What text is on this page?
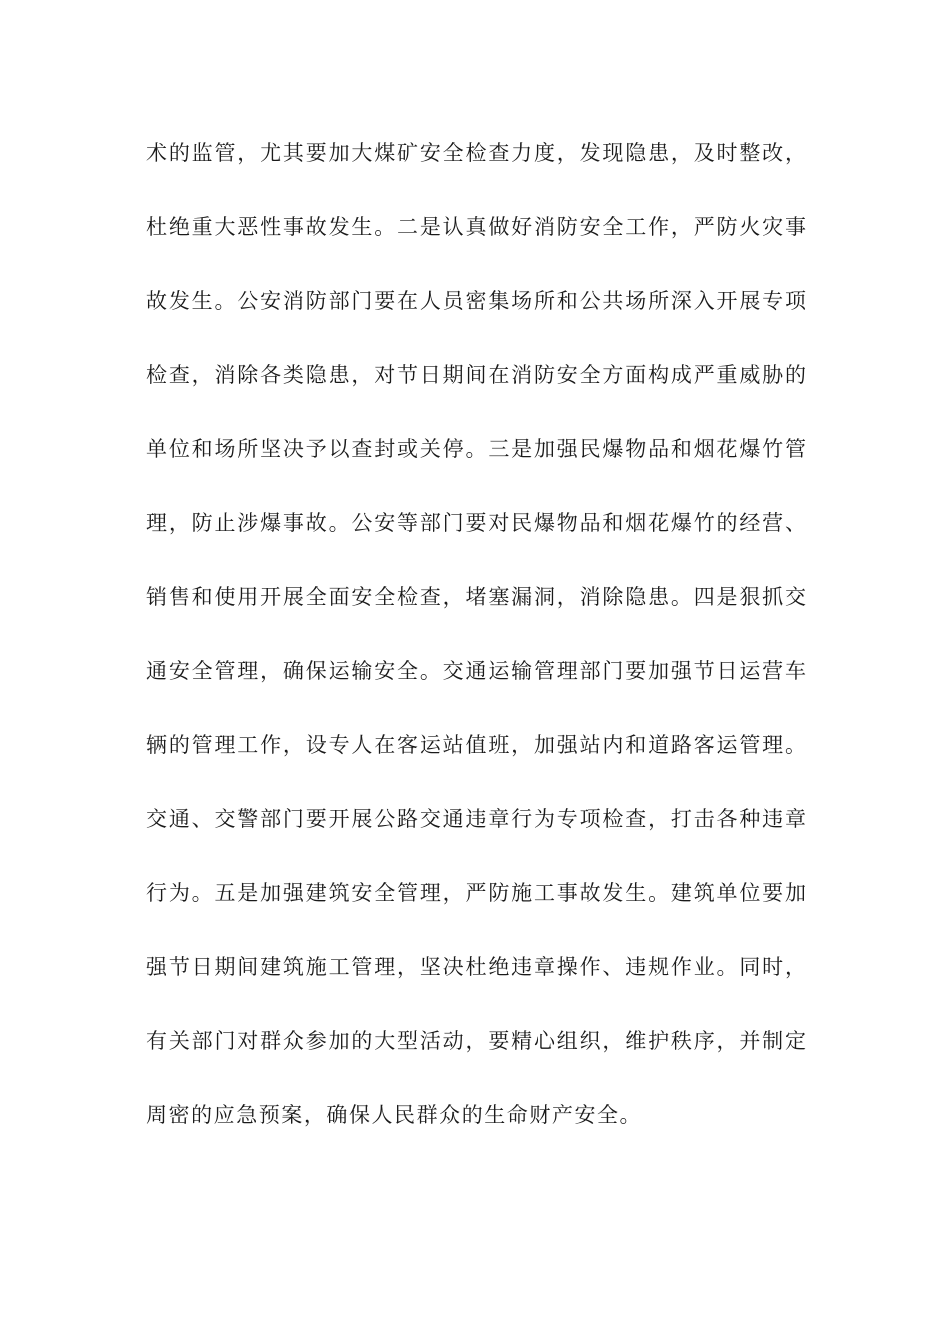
术的监管，尤其要加大煤矿安全检查力度，发现隐患，及时整改，
杜绝重大恶性事故发生。二是认真做好消防安全工作，严防火灾事
故发生。公安消防部门要在人员密集场所和公共场所深入开展专项
检查，消除各类隐患，对节日期间在消防安全方面构成严重威胁的
单位和场所坚决予以查封或关停。三是加强民爆物品和烟花爆竹管
理，防止涉爆事故。公安等部门要对民爆物品和烟花爆竹的经营、
销售和使用开展全面安全检查，堵塞漏洞，消除隐患。四是狠抓交
通安全管理，确保运输安全。交通运输管理部门要加强节日运营车
辆的管理工作，设专人在客运站值班，加强站内和道路客运管理。
交通、交警部门要开展公路交通违章行为专项检查，打击各种违章
行为。五是加强建筑安全管理，严防施工事故发生。建筑单位要加
强节日期间建筑施工管理，坚决杜绝违章操作、违规作业。同时，
有关部门对群众参加的大型活动，要精心组织，维护秩序，并制定
周密的应急预案，确保人民群众的生命财产安全。
